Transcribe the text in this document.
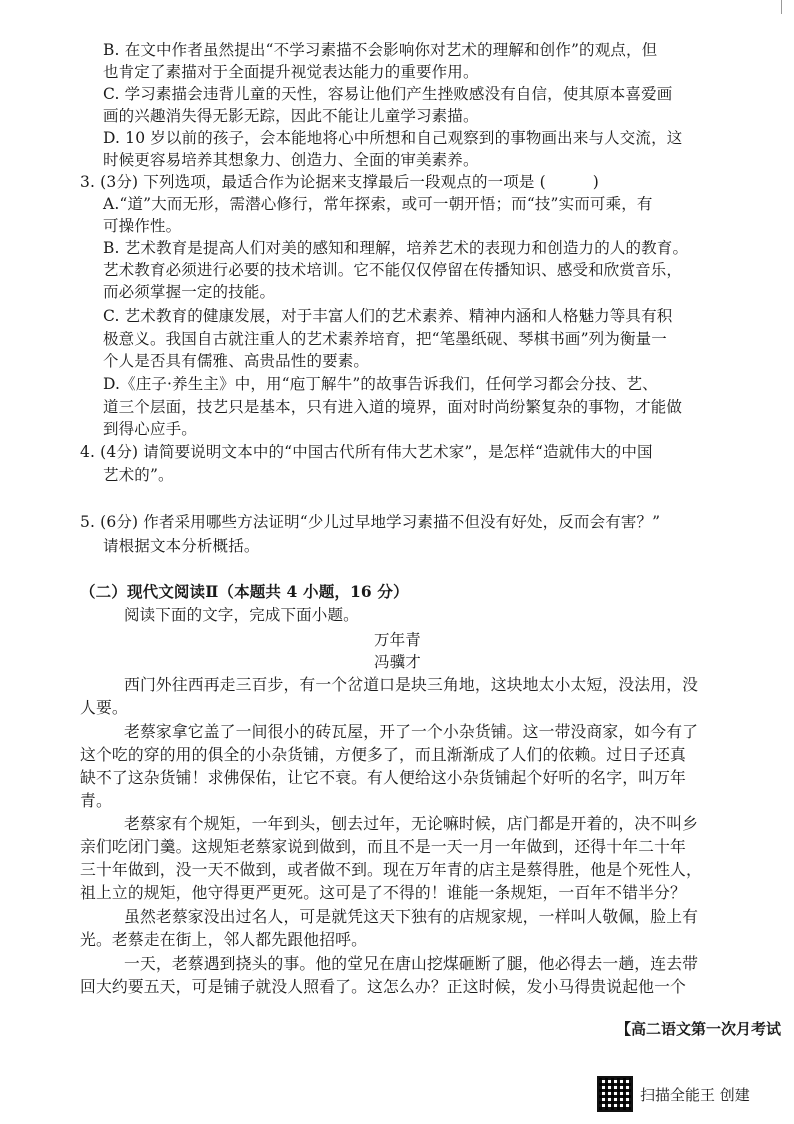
【高二语文第一次月考试
扫描全能王 创建
B. 在文中作者虽然提出“不学习素描不会影响你对艺术的理解和创作”的观点，但
也肯定了素描对于全面提升视觉表达能力的重要作用。
C. 学习素描会违背儿童的天性，容易让他们产生挫败感没有自信，使其原本喜爱画
画的兴趣消失得无影无踪，因此不能让儿童学习素描。
D. 10 岁以前的孩子，会本能地将心中所想和自己观察到的事物画出来与人交流，这
时候更容易培养其想象力、创造力、全面的审美素养。
3. (3分) 下列选项，最适合作为论据来支撑最后一段观点的一项是 (　　　)
A.“道”大而无形，需潜心修行，常年探索，或可一朝开悟；而“技”实而可乘，有
可操作性。
B. 艺术教育是提高人们对美的感知和理解，培养艺术的表现力和创造力的人的教育。
艺术教育必须进行必要的技术培训。它不能仅仅停留在传播知识、感受和欣赏音乐，
而必须掌握一定的技能。
C. 艺术教育的健康发展，对于丰富人们的艺术素养、精神内涵和人格魅力等具有积
极意义。我国自古就注重人的艺术素养培育，把“笔墨纸砚、琴棋书画”列为衡量一
个人是否具有儒雅、高贵品性的要素。
D.《庄子·养生主》中，用“庖丁解牛”的故事告诉我们，任何学习都会分技、艺、
道三个层面，技艺只是基本，只有进入道的境界，面对时尚纷繁复杂的事物，才能做
到得心应手。
4. (4分) 请简要说明文本中的“中国古代所有伟大艺术家”，是怎样“造就伟大的中国
艺术的”。
5. (6分) 作者采用哪些方法证明“少儿过早地学习素描不但没有好处，反而会有害？”
请根据文本分析概括。
（二）现代文阅读Ⅱ（本题共 4 小题，16 分）
阅读下面的文字，完成下面小题。
万年青
冯骥才
西门外往西再走三百步，有一个岔道口是块三角地，这块地太小太短，没法用，没
人要。
老蔡家拿它盖了一间很小的砖瓦屋，开了一个小杂货铺。这一带没商家，如今有了
这个吃的穿的用的俱全的小杂货铺，方便多了，而且渐渐成了人们的依赖。过日子还真
缺不了这杂货铺！求佛保佑，让它不衰。有人便给这小杂货铺起个好听的名字，叫万年
青。
老蔡家有个规矩，一年到头，刨去过年，无论嘛时候，店门都是开着的，决不叫乡
亲们吃闭门羹。这规矩老蔡家说到做到，而且不是一天一月一年做到，还得十年二十年
三十年做到，没一天不做到，或者做不到。现在万年青的店主是蔡得胜，他是个死性人，
祖上立的规矩，他守得更严更死。这可是了不得的！谁能一条规矩，一百年不错半分？
虽然老蔡家没出过名人，可是就凭这天下独有的店规家规，一样叫人敬佩，脸上有
光。老蔡走在街上，邻人都先跟他招呼。
一天，老蔡遇到挠头的事。他的堂兄在唐山挖煤砸断了腿，他必得去一趟，连去带
回大约要五天，可是铺子就没人照看了。这怎么办？正这时候，发小马得贵说起他一个
